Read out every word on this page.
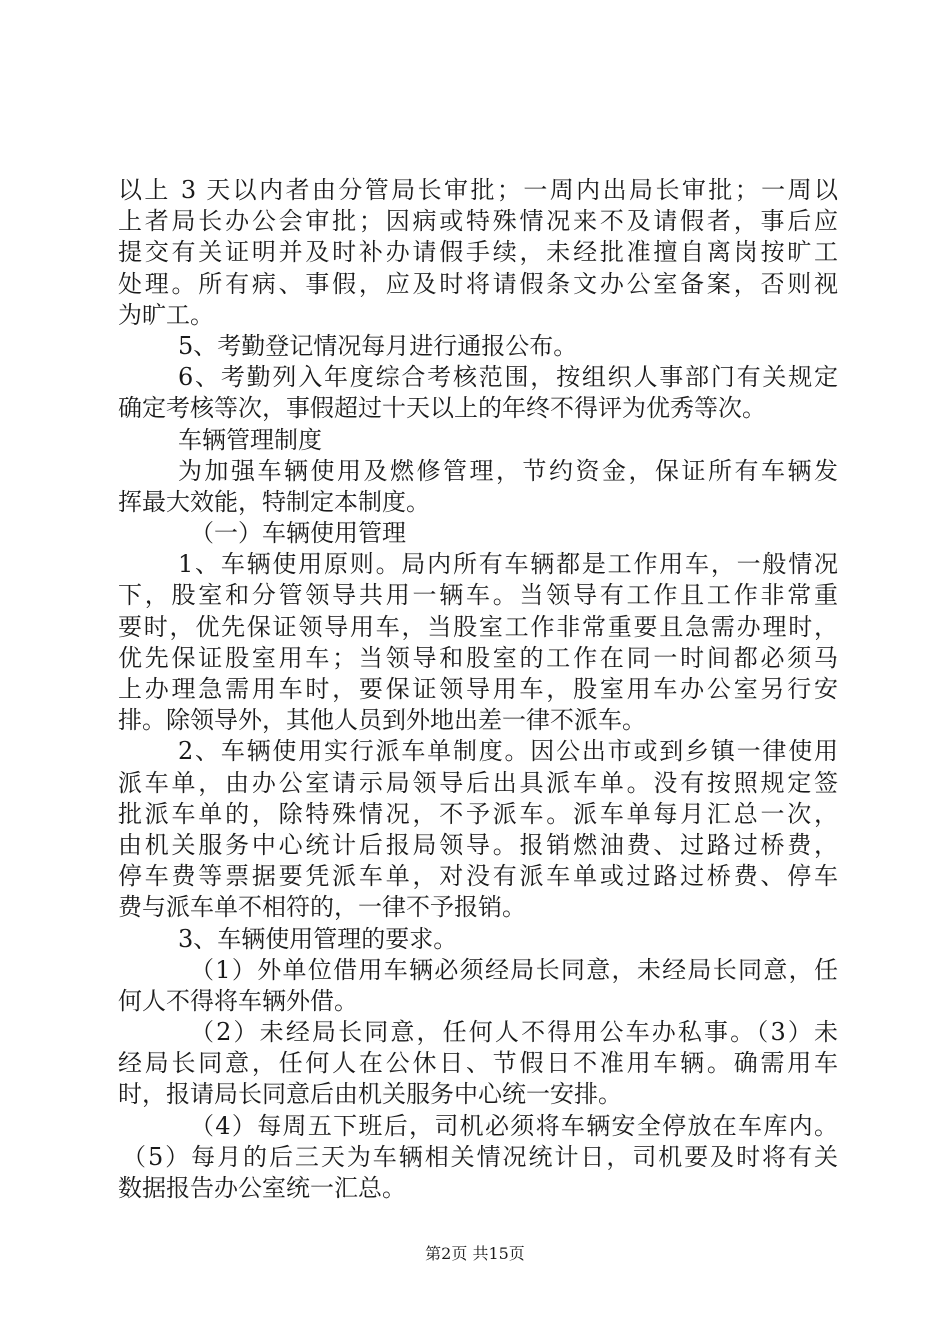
以上 3 天以内者由分管局长审批；一周内出局长审批；一周以
上者局长办公会审批；因病或特殊情况来不及请假者，事后应
提交有关证明并及时补办请假手续，未经批准擅自离岗按旷工
处理。所有病、事假，应及时将请假条文办公室备案，否则视
为旷工。
5、考勤登记情况每月进行通报公布。
6、考勤列入年度综合考核范围，按组织人事部门有关规定
确定考核等次，事假超过十天以上的年终不得评为优秀等次。
车辆管理制度
为加强车辆使用及燃修管理，节约资金，保证所有车辆发
挥最大效能，特制定本制度。
（一）车辆使用管理
1、车辆使用原则。局内所有车辆都是工作用车，一般情况
下，股室和分管领导共用一辆车。当领导有工作且工作非常重
要时，优先保证领导用车，当股室工作非常重要且急需办理时，
优先保证股室用车；当领导和股室的工作在同一时间都必须马
上办理急需用车时，要保证领导用车，股室用车办公室另行安
排。除领导外，其他人员到外地出差一律不派车。
2、车辆使用实行派车单制度。因公出市或到乡镇一律使用
派车单，由办公室请示局领导后出具派车单。没有按照规定签
批派车单的，除特殊情况，不予派车。派车单每月汇总一次，
由机关服务中心统计后报局领导。报销燃油费、过路过桥费，
停车费等票据要凭派车单，对没有派车单或过路过桥费、停车
费与派车单不相符的，一律不予报销。
3、车辆使用管理的要求。
（1）外单位借用车辆必须经局长同意，未经局长同意，任
何人不得将车辆外借。
（2）未经局长同意，任何人不得用公车办私事。（3）未
经局长同意，任何人在公休日、节假日不准用车辆。确需用车
时，报请局长同意后由机关服务中心统一安排。
（4）每周五下班后，司机必须将车辆安全停放在车库内。
（5）每月的后三天为车辆相关情况统计日，司机要及时将有关
数据报告办公室统一汇总。
第2页 共15页
